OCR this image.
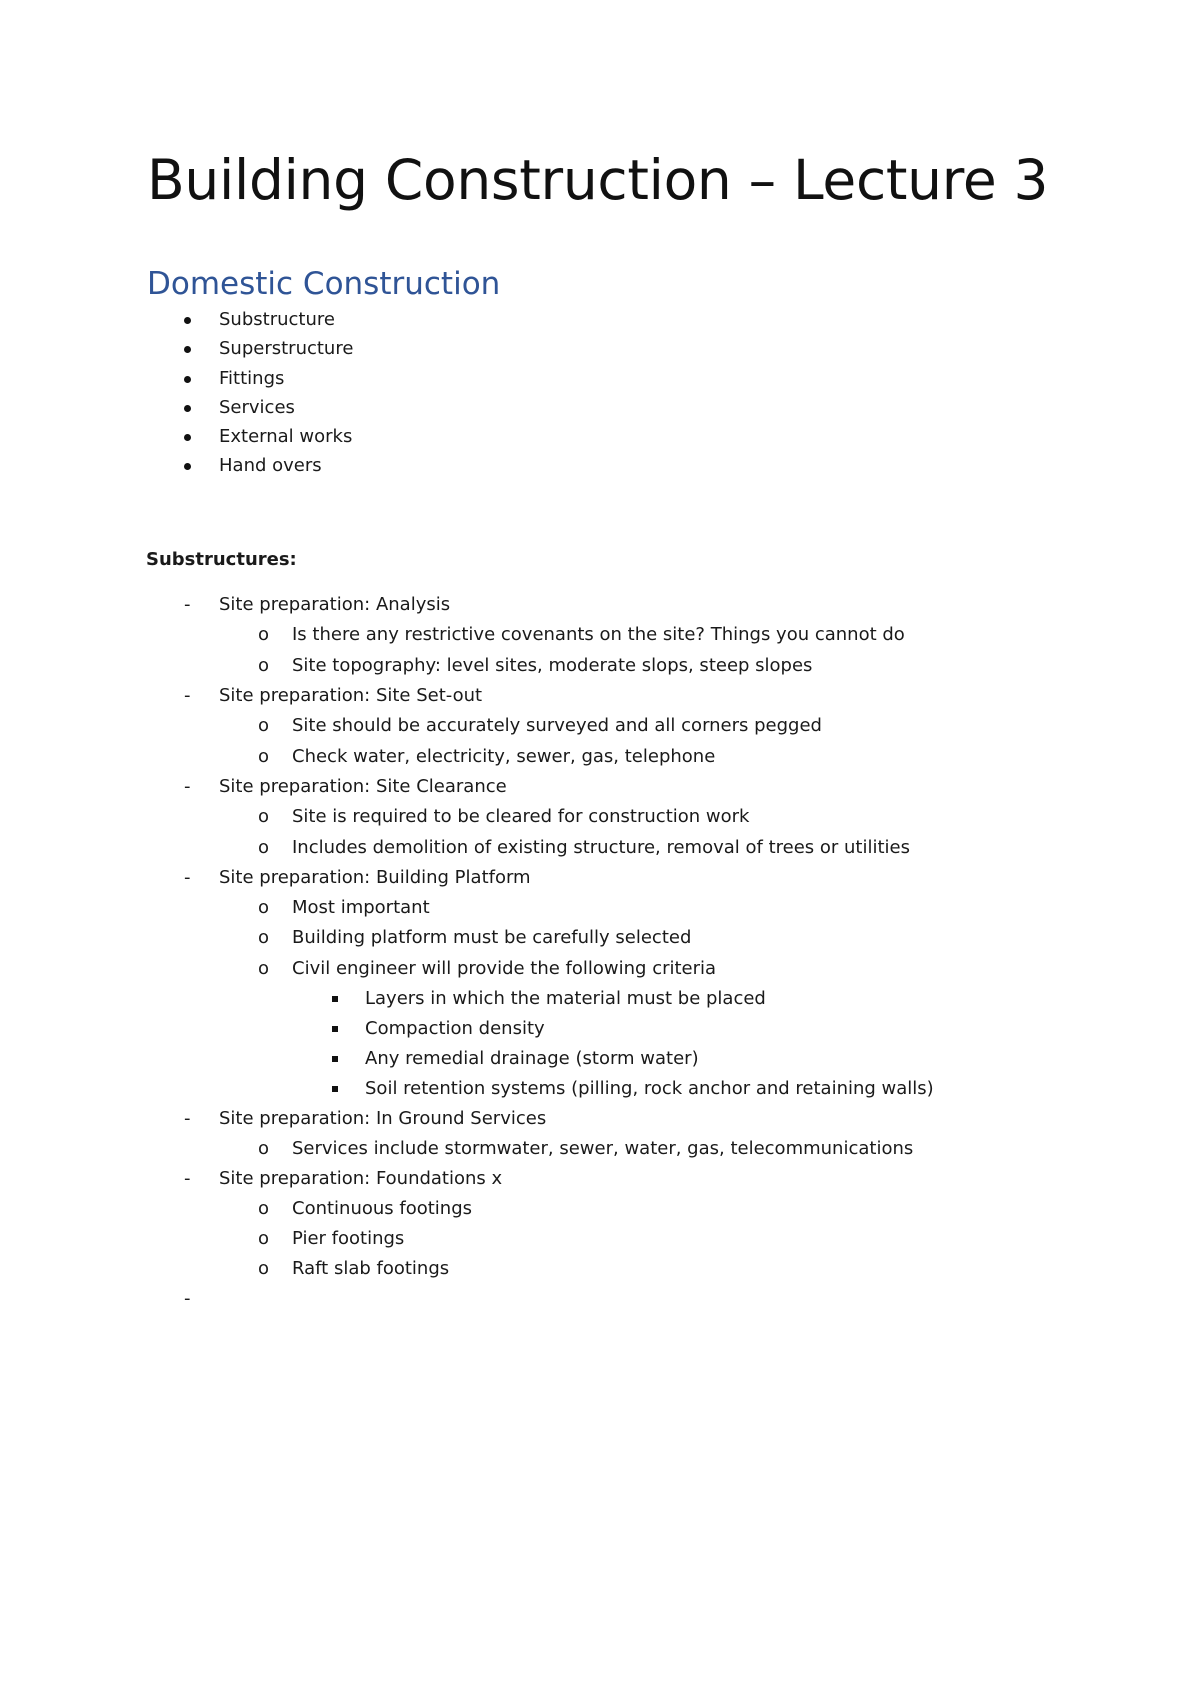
Building Construction – Lecture 3
Domestic Construction
Substructure
Superstructure
Fittings
Services
External works
Hand overs
Substructures:
- Site preparation: Analysis
o Is there any restrictive covenants on the site? Things you cannot do
o Site topography: level sites, moderate slops, steep slopes
- Site preparation: Site Set-out
o Site should be accurately surveyed and all corners pegged
o Check water, electricity, sewer, gas, telephone
- Site preparation: Site Clearance
o Site is required to be cleared for construction work
o Includes demolition of existing structure, removal of trees or utilities
- Site preparation: Building Platform
o Most important
o Building platform must be carefully selected
o Civil engineer will provide the following criteria
Layers in which the material must be placed
Compaction density
Any remedial drainage (storm water)
Soil retention systems (pilling, rock anchor and retaining walls)
- Site preparation: In Ground Services
o Services include stormwater, sewer, water, gas, telecommunications
- Site preparation: Foundations x
o Continuous footings
o Pier footings
o Raft slab footings
-
